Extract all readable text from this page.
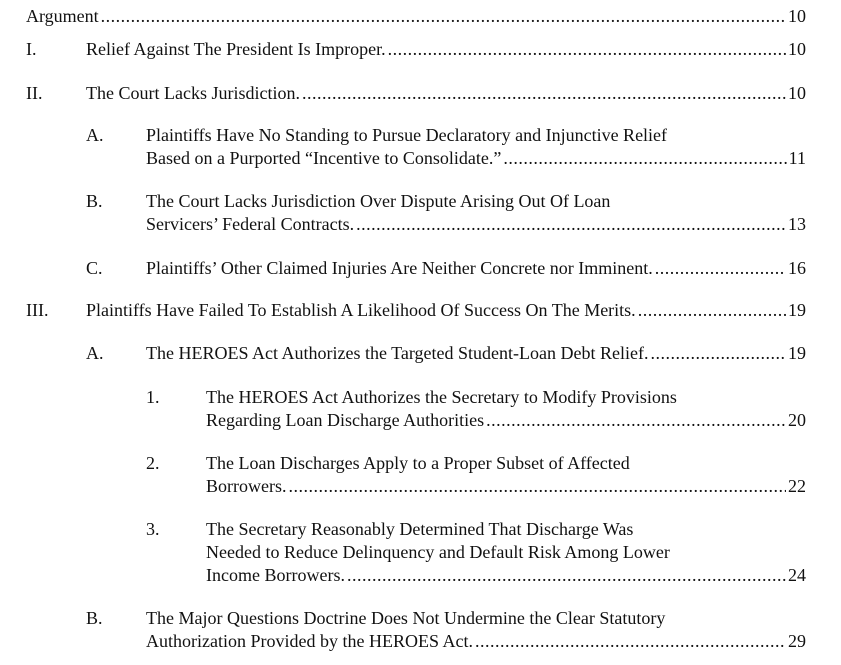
Argument . . .	10
I.	Relief Against The President Is Improper. . . .	10
II. The Court Lacks Jurisdiction. . . .	10
A. Plaintiffs Have No Standing to Pursue Declaratory and Injunctive Relief
Based on a Purported “Incentive to Consolidate.” . . .	11
B. The Court Lacks Jurisdiction Over Dispute Arising Out Of Loan
Servicers’ Federal Contracts. . . .	13
C. Plaintiffs’ Other Claimed Injuries Are Neither Concrete nor Imminent. . . .	16
III. Plaintiffs Have Failed To Establish A Likelihood Of Success On The Merits. . . .	19
A. The HEROES Act Authorizes the Targeted Student-Loan Debt Relief. . . .	19
1.	The HEROES Act Authorizes the Secretary to Modify Provisions
Regarding Loan Discharge Authorities . . .	20
2.	The Loan Discharges Apply to a Proper Subset of Affected
Borrowers. . . .	22
3.	The Secretary Reasonably Determined That Discharge Was
Needed to Reduce Delinquency and Default Risk Among Lower
Income Borrowers. . . .	24
B. The Major Questions Doctrine Does Not Undermine the Clear Statutory
Authorization Provided by the HEROES Act. . . .	29
